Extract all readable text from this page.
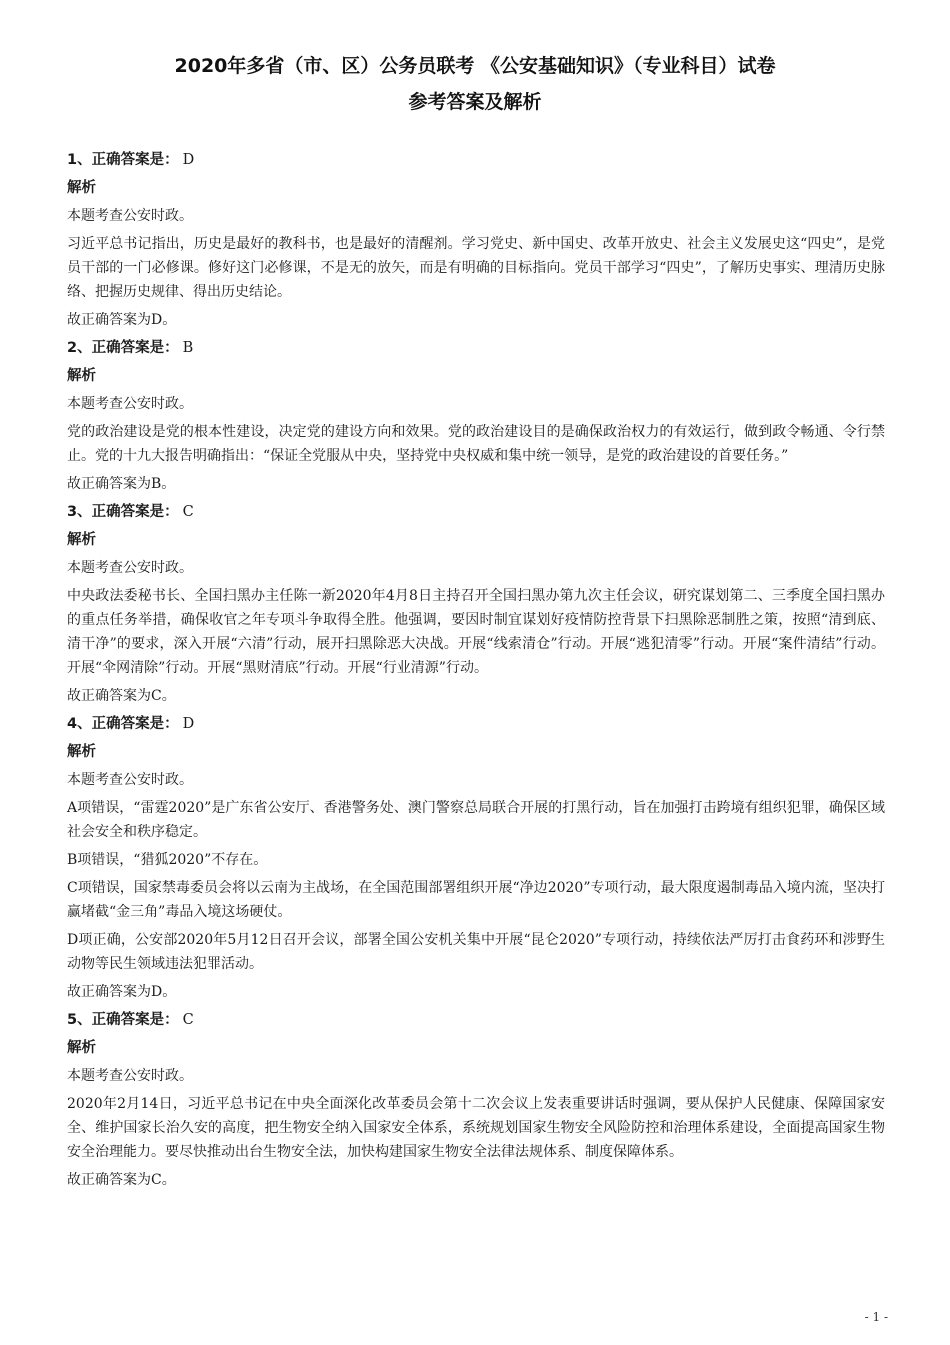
2020年多省（市、区）公务员联考 《公安基础知识》（专业科目）试卷
参考答案及解析
1、正确答案是： D
解析
本题考查公安时政。
习近平总书记指出，历史是最好的教科书，也是最好的清醒剂。学习党史、新中国史、改革开放史、社会主义发展史这“四史”，是党员干部的一门必修课。修好这门必修课，不是无的放矢，而是有明确的目标指向。党员干部学习“四史”，了解历史事实、理清历史脉络、把握历史规律、得出历史结论。
故正确答案为D。
2、正确答案是： B
解析
本题考查公安时政。
党的政治建设是党的根本性建设，决定党的建设方向和效果。党的政治建设目的是确保政治权力的有效运行，做到政令畅通、令行禁止。党的十九大报告明确指出：“保证全党服从中央，坚持党中央权威和集中统一领导，是党的政治建设的首要任务。”
故正确答案为B。
3、正确答案是： C
解析
本题考查公安时政。
中央政法委秘书长、全国扫黑办主任陈一新2020年4月8日主持召开全国扫黑办第九次主任会议，研究谋划第二、三季度全国扫黑办的重点任务举措，确保收官之年专项斗争取得全胜。他强调，要因时制宜谋划好疫情防控背景下扫黑除恶制胜之策，按照“清到底、清干净”的要求，深入开展“六清”行动，展开扫黑除恶大决战。开展“线索清仓”行动。开展“逃犯清零”行动。开展“案件清结”行动。开展“伞网清除”行动。开展“黑财清底”行动。开展“行业清源”行动。
故正确答案为C。
4、正确答案是： D
解析
本题考查公安时政。
A项错误，“雷霆2020”是广东省公安厅、香港警务处、澳门警察总局联合开展的打黑行动，旨在加强打击跨境有组织犯罪，确保区域社会安全和秩序稳定。
B项错误，“猎狐2020”不存在。
C项错误，国家禁毒委员会将以云南为主战场，在全国范围部署组织开展“净边2020”专项行动，最大限度遏制毒品入境内流，坚决打赢堵截“金三角”毒品入境这场硬仗。
D项正确，公安部2020年5月12日召开会议，部署全国公安机关集中开展“昆仑2020”专项行动，持续依法严厉打击食药环和涉野生动物等民生领域违法犯罪活动。
故正确答案为D。
5、正确答案是： C
解析
本题考查公安时政。
2020年2月14日，习近平总书记在中央全面深化改革委员会第十二次会议上发表重要讲话时强调，要从保护人民健康、保障国家安全、维护国家长治久安的高度，把生物安全纳入国家安全体系，系统规划国家生物安全风险防控和治理体系建设，全面提高国家生物安全治理能力。要尽快推动出台生物安全法，加快构建国家生物安全法律法规体系、制度保障体系。
故正确答案为C。
- 1 -
